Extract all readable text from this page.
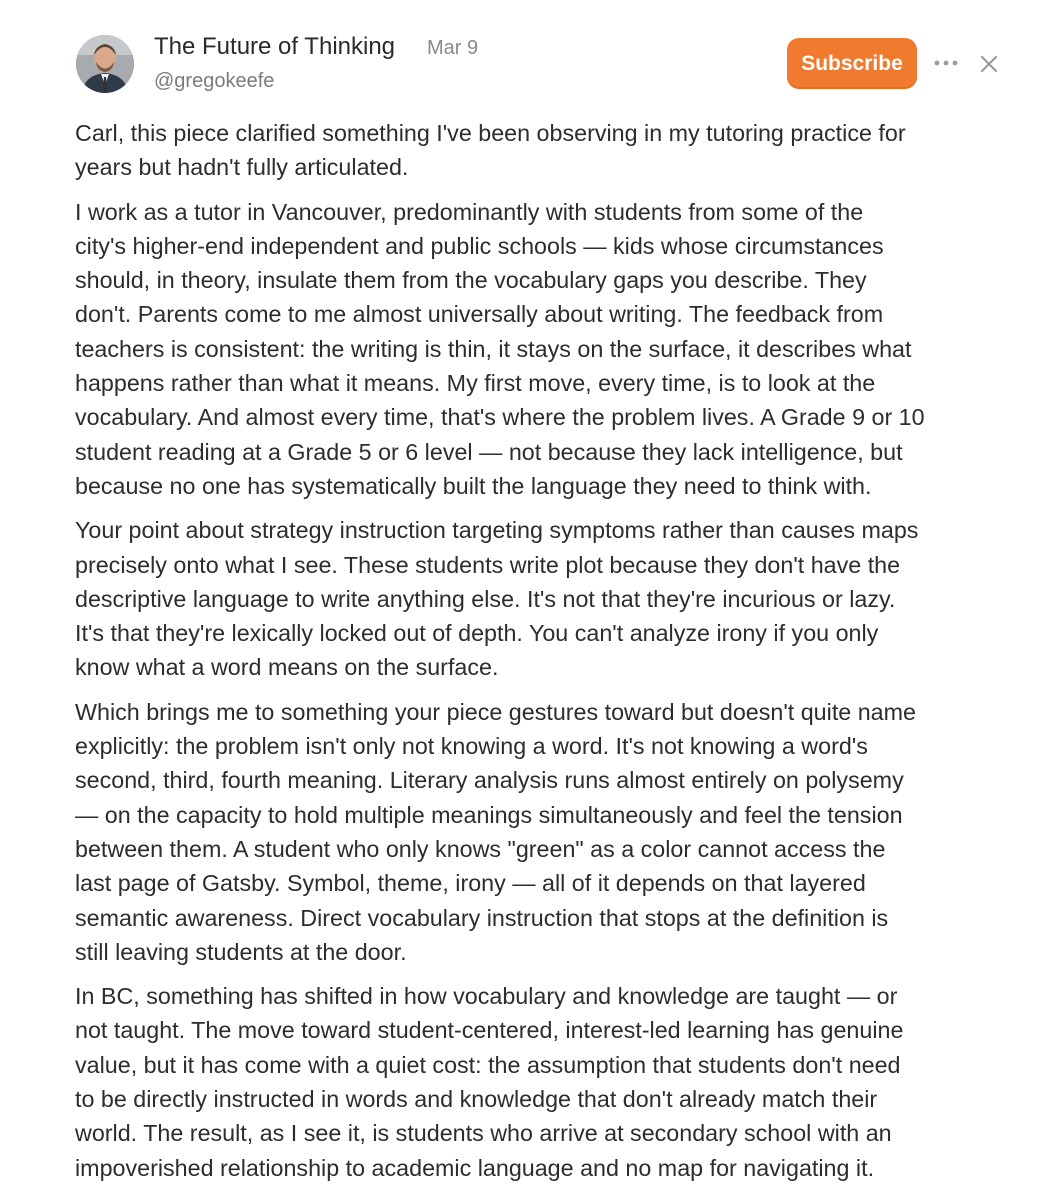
The Future of Thinking Mar 9
@gregokeefe
Subscribe

Carl, this piece clarified something I've been observing in my tutoring practice for
years but hadn't fully articulated.

I work as a tutor in Vancouver, predominantly with students from some of the
city's higher-end independent and public schools — kids whose circumstances
should, in theory, insulate them from the vocabulary gaps you describe. They
don't. Parents come to me almost universally about writing. The feedback from
teachers is consistent: the writing is thin, it stays on the surface, it describes what
happens rather than what it means. My first move, every time, is to look at the
vocabulary. And almost every time, that's where the problem lives. A Grade 9 or 10
student reading at a Grade 5 or 6 level — not because they lack intelligence, but
because no one has systematically built the language they need to think with.

Your point about strategy instruction targeting symptoms rather than causes maps
precisely onto what I see. These students write plot because they don't have the
descriptive language to write anything else. It's not that they're incurious or lazy.
It's that they're lexically locked out of depth. You can't analyze irony if you only
know what a word means on the surface.

Which brings me to something your piece gestures toward but doesn't quite name
explicitly: the problem isn't only not knowing a word. It's not knowing a word's
second, third, fourth meaning. Literary analysis runs almost entirely on polysemy
— on the capacity to hold multiple meanings simultaneously and feel the tension
between them. A student who only knows "green" as a color cannot access the
last page of Gatsby. Symbol, theme, irony — all of it depends on that layered
semantic awareness. Direct vocabulary instruction that stops at the definition is
still leaving students at the door.

In BC, something has shifted in how vocabulary and knowledge are taught — or
not taught. The move toward student-centered, interest-led learning has genuine
value, but it has come with a quiet cost: the assumption that students don't need
to be directly instructed in words and knowledge that don't already match their
world. The result, as I see it, is students who arrive at secondary school with an
impoverished relationship to academic language and no map for navigating it.
